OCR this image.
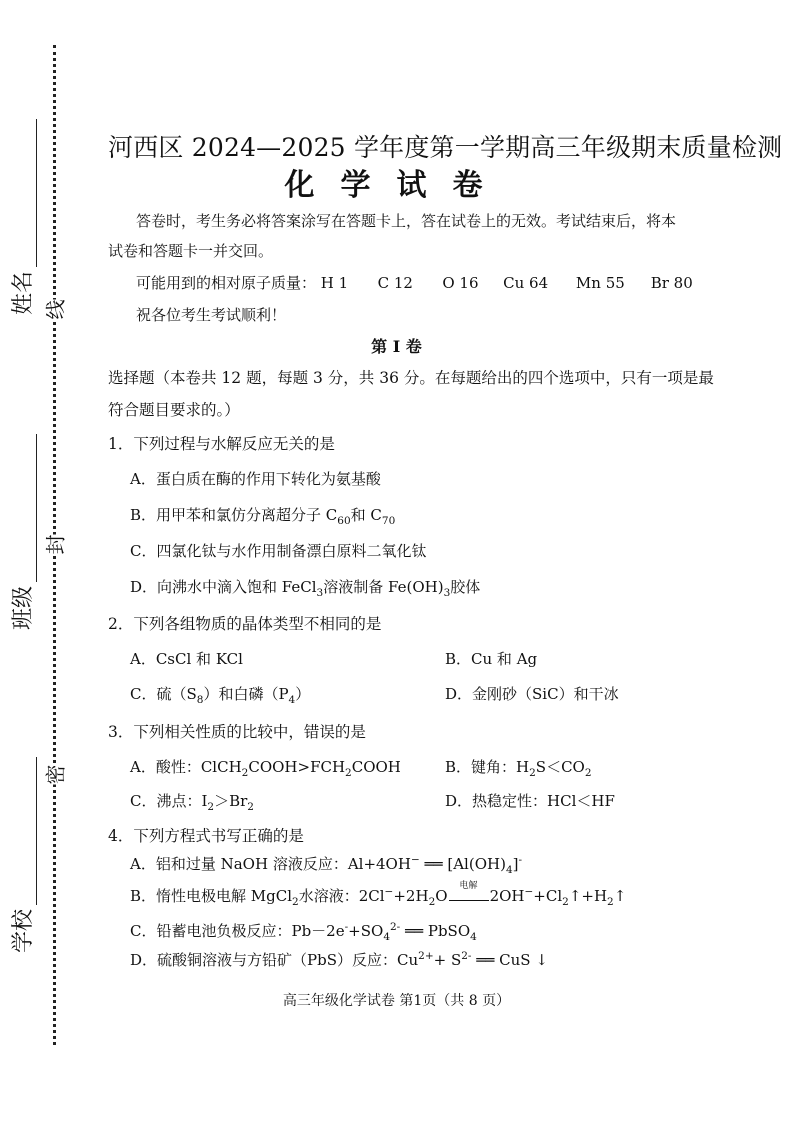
线
封
密
姓名
班级
学校
河西区 2024—2025 学年度第一学期高三年级期末质量检测
化学试卷
答卷时，考生务必将答案涂写在答题卡上，答在试卷上的无效。考试结束后，将本
试卷和答题卡一并交回。
可能用到的相对原子质量： H 1 C 12 O 16 Cu 64 Mn 55 Br 80
祝各位考生考试顺利！
第 I 卷
选择题（本卷共 12 题，每题 3 分，共 36 分。在每题给出的四个选项中，只有一项是最
符合题目要求的。）
1．下列过程与水解反应无关的是
A．蛋白质在酶的作用下转化为氨基酸
B．用甲苯和氯仿分离超分子 $C_{60}$和 $C_{70}$
C．四氯化钛与水作用制备漂白原料二氧化钛
D．向沸水中滴入饱和 FeCl$_3$溶液制备 $Fe(OH)_3$胶体
2．下列各组物质的晶体类型不相同的是
A．CsCl 和 KCl	B．Cu 和 Ag
C．硫$(S_8)$和白磷$(P_4)$	D．金刚砂（SiC）和干冰
3．下列相关性质的比较中，错误的是
A．酸性：$ClCH_2COOH>FCH_2COOH$	B．键角：$H_2S<CO_2$
C．沸点：$I_2>Br_2$	D．热稳定性：HCl＜HF
4．下列方程式书写正确的是
A．铝和过量 NaOH 溶液反应：Al+4OH− ══ $[Al(OH)_4]^-$
B．惰性电极电解 MgCl$_2$水溶液：$2Cl^-+2H_2O$
电解
$2OH^-+Cl_2↑+H_2↑$
C．铅蓄电池负极反应：$Pb-2e^-+SO_4^{2-}$ ══ PbSO$_4$
D．硫酸铜溶液与方铅矿（PbS）反应：$Cu^{2+}+ S^{2-}$ ══ CuS ↓
高三年级化学试卷 第1页（共 8 页）
